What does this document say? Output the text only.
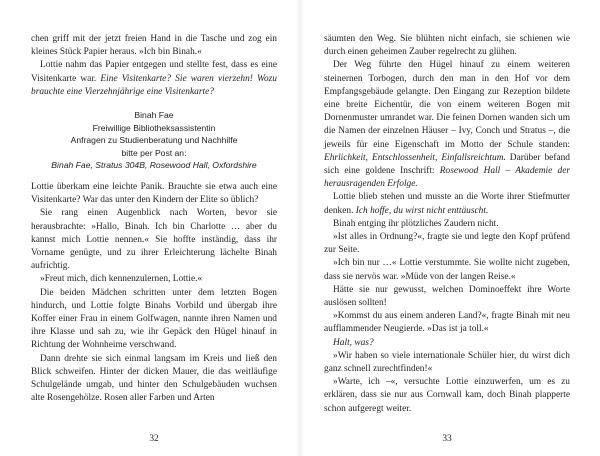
chen griff mit der jetzt freien Hand in die Tasche und zog ein kleines Stück Papier heraus. »Ich bin Binah.«

Lottie nahm das Papier entgegen und stellte fest, dass es eine Visitenkarte war. Eine Visitenkarte? Sie waren vierzehn! Wozu brauchte eine Vierzehnjährige eine Visitenkarte?

Binah Fae
Freiwillige Bibliotheksassistentin
Anfragen zu Studienberatung und Nachhilfe
bitte per Post an:
Binah Fae, Stratus 304B, Rosewood Hall, Oxfordshire

Lottie überkam eine leichte Panik. Brauchte sie etwa auch eine Visitenkarte? War das unter den Kindern der Elite so üblich?

Sie rang einen Augenblick nach Worten, bevor sie herausbrachte: »Hallo, Binah. Ich bin Charlotte … aber du kannst mich Lottie nennen.« Sie hoffte inständig, dass ihr Vorname genügte, und zu ihrer Erleichterung lächelte Binah aufrichtig.

»Freut mich, dich kennenzulernen, Lottie.«

Die beiden Mädchen schritten unter dem letzten Bogen hindurch, und Lottie folgte Binahs Vorbild und übergab ihre Koffer einer Frau in einem Golfwagen, nannte ihren Namen und ihre Klasse und sah zu, wie ihr Gepäck den Hügel hinauf in Richtung der Wohnheime verschwand.

Dann drehte sie sich einmal langsam im Kreis und ließ den Blick schweifen. Hinter der dicken Mauer, die das weitläufige Schulgelände umgab, und hinter den Schulgebäuden wuchsen alte Rosengehölze. Rosen aller Farben und Arten

32

säumten den Weg. Sie blühten nicht einfach, sie schienen wie durch einen geheimen Zauber regelrecht zu glühen.

Der Weg führte den Hügel hinauf zu einem weiteren steinernen Torbogen, durch den man in den Hof vor dem Empfangsgebäude gelangte. Den Eingang zur Rezeption bildete eine breite Eichentür, die von einem weiteren Bogen mit Dornenmuster umrandet war. Die feinen Dornen wanden sich um die Namen der einzelnen Häuser – Ivy, Conch und Stratus –, die jeweils für eine Eigenschaft im Motto der Schule standen: Ehrlichkeit, Entschlossenheit, Einfallsreichtum. Darüber befand sich eine goldene Inschrift: Rosewood Hall – Akademie der herausragenden Erfolge.

Lottie blieb stehen und musste an die Worte ihrer Stiefmutter denken. Ich hoffe, du wirst nicht enttäuscht.

Binah entging ihr plötzliches Zaudern nicht.

»Ist alles in Ordnung?«, fragte sie und legte den Kopf prüfend zur Seite.

»Ich bin nur …« Lottie verstummte. Sie wollte nicht zugeben, dass sie nervös war. »Müde von der langen Reise.«

Hätte sie nur gewusst, welchen Dominoeffekt ihre Worte auslösen sollten!

»Kommst du aus einem anderen Land?«, fragte Binah mit neu aufflammender Neugierde. »Das ist ja toll.«

Halt, was?

»Wir haben so viele internationale Schüler hier, du wirst dich ganz schnell zurechtfinden!«

»Warte, ich –«, versuchte Lottie einzuwerfen, um es zu erklären, dass sie nur aus Cornwall kam, doch Binah plapperte schon aufgeregt weiter.

33
